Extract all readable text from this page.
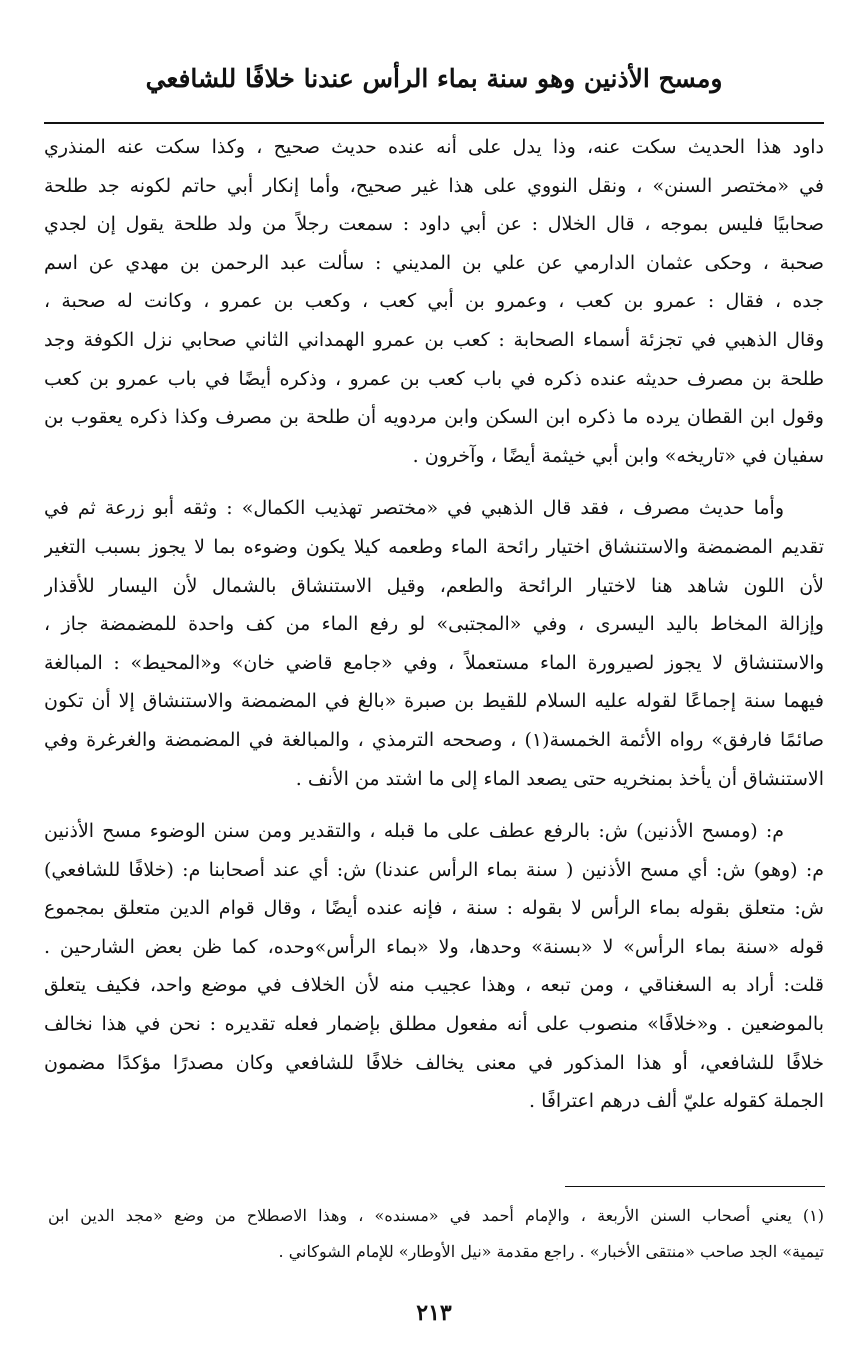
ومسح الأذنين وهو سنة بماء الرأس عندنا خلافًا للشافعي
داود هذا الحديث سكت عنه، وذا يدل على أنه عنده حديث صحيح ، وكذا سكت عنه المنذري
في «مختصر السنن» ، ونقل النووي على هذا غير صحيح، وأما إنكار أبي حاتم لكونه جد طلحة
صحابيًا فليس بموجه ، قال الخلال : عن أبي داود : سمعت رجلاً من ولد طلحة يقول إن لجدي
صحبة ، وحكى عثمان الدارمي عن علي بن المديني : سألت عبد الرحمن بن مهدي عن اسم
جده ، فقال : عمرو بن كعب ، وعمرو بن أبي كعب ، وكعب بن عمرو ، وكانت له صحبة ،
وقال الذهبي في تجزئة أسماء الصحابة : كعب بن عمرو الهمداني الثاني صحابي نزل الكوفة وجد
طلحة بن مصرف حديثه عنده ذكره في باب كعب بن عمرو ، وذكره أيضًا في باب عمرو بن كعب
وقول ابن القطان يرده ما ذكره ابن السكن وابن مردويه أن طلحة بن مصرف وكذا ذكره يعقوب بن
سفيان في «تاريخه» وابن أبي خيثمة أيضًا ، وآخرون .
وأما حديث مصرف ، فقد قال الذهبي في «مختصر تهذيب الكمال» : وثقه أبو زرعة ثم في
تقديم المضمضة والاستنشاق اختيار رائحة الماء وطعمه كيلا يكون وضوءه بما لا يجوز بسبب التغير
لأن اللون شاهد هنا لاختيار الرائحة والطعم، وقيل الاستنشاق بالشمال لأن اليسار للأقذار
وإزالة المخاط باليد اليسرى ، وفي «المجتبى» لو رفع الماء من كف واحدة للمضمضة جاز ،
والاستنشاق لا يجوز لصيرورة الماء مستعملاً ، وفي «جامع قاضي خان» و«المحيط» : المبالغة
فيهما سنة إجماعًا لقوله عليه السلام للقيط بن صبرة «بالغ في المضمضة والاستنشاق إلا أن تكون
صائمًا فارفق» رواه الأئمة الخمسة(١) ، وصححه الترمذي ، والمبالغة في المضمضة والغرغرة وفي
الاستنشاق أن يأخذ بمنخريه حتى يصعد الماء إلى ما اشتد من الأنف .
م: (ومسح الأذنين) ش: بالرفع عطف على ما قبله ، والتقدير ومن سنن الوضوء مسح الأذنين
م: (وهو) ش: أي مسح الأذنين ( سنة بماء الرأس عندنا) ش: أي عند أصحابنا م: (خلافًا للشافعي)
ش: متعلق بقوله بماء الرأس لا بقوله : سنة ، فإنه عنده أيضًا ، وقال قوام الدين متعلق بمجموع
قوله «سنة بماء الرأس» لا «بسنة» وحدها، ولا «بماء الرأس»وحده، كما ظن بعض الشارحين .
قلت: أراد به السغناقي ، ومن تبعه ، وهذا عجيب منه لأن الخلاف في موضع واحد، فكيف يتعلق
بالموضعين . و«خلافًا» منصوب على أنه مفعول مطلق بإضمار فعله تقديره : نحن في هذا نخالف
خلافًا للشافعي، أو هذا المذكور في معنى يخالف خلافًا للشافعي وكان مصدرًا مؤكدًا مضمون
الجملة كقوله عليّ ألف درهم اعترافًا .
(١) يعني أصحاب السنن الأربعة ، والإمام أحمد في «مسنده» ، وهذا الاصطلاح من وضع «مجد الدين ابن
تيمية» الجد صاحب «منتقى الأخبار» . راجع مقدمة «نيل الأوطار» للإمام الشوكاني .
٢١٣
